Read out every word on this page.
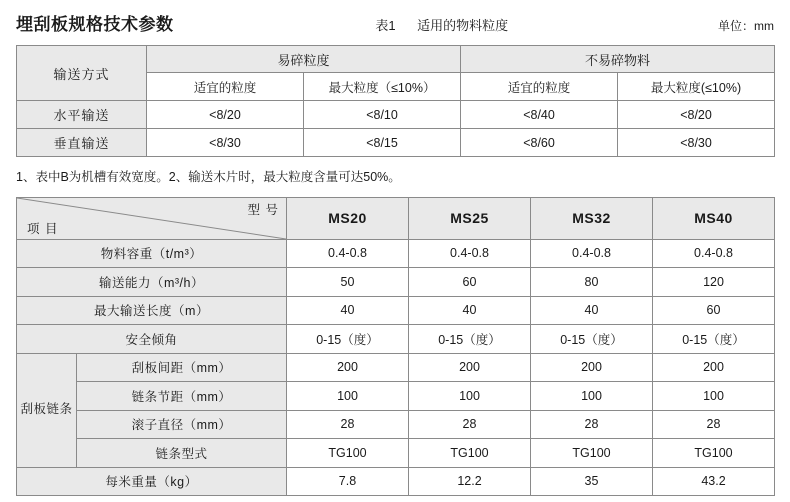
埋刮板规格技术参数	表1 适用的物料粒度	单位：mm
输送方式	易碎粒度		不易碎物料	
	适宜的粒度	最大粒度（≤10%）	适宜的粒度	最大粒度(≤10%)
水平输送	<8/20	<8/10	<8/40	<8/20
垂直输送	<8/30	<8/15	<8/60	<8/30
1、表中B为机槽有效宽度。2、输送木片时，最大粒度含量可达50%。
型 号
项 目		MS20	MS25	MS32	MS40
物料容重（t/m³）		0.4-0.8	0.4-0.8	0.4-0.8	0.4-0.8
输送能力（m³/h）		50	60	80	120
最大输送长度（m）		40	40	40	60
安全倾角		0-15（度）	0-15（度）	0-15（度）	0-15（度）
刮板链条	刮板间距（mm）	200	200	200	200
	链条节距（mm）	100	100	100	100
	滚子直径（mm）	28	28	28	28
	链条型式	TG100	TG100	TG100	TG100
每米重量（kg）		7.8	12.2	35	43.2
